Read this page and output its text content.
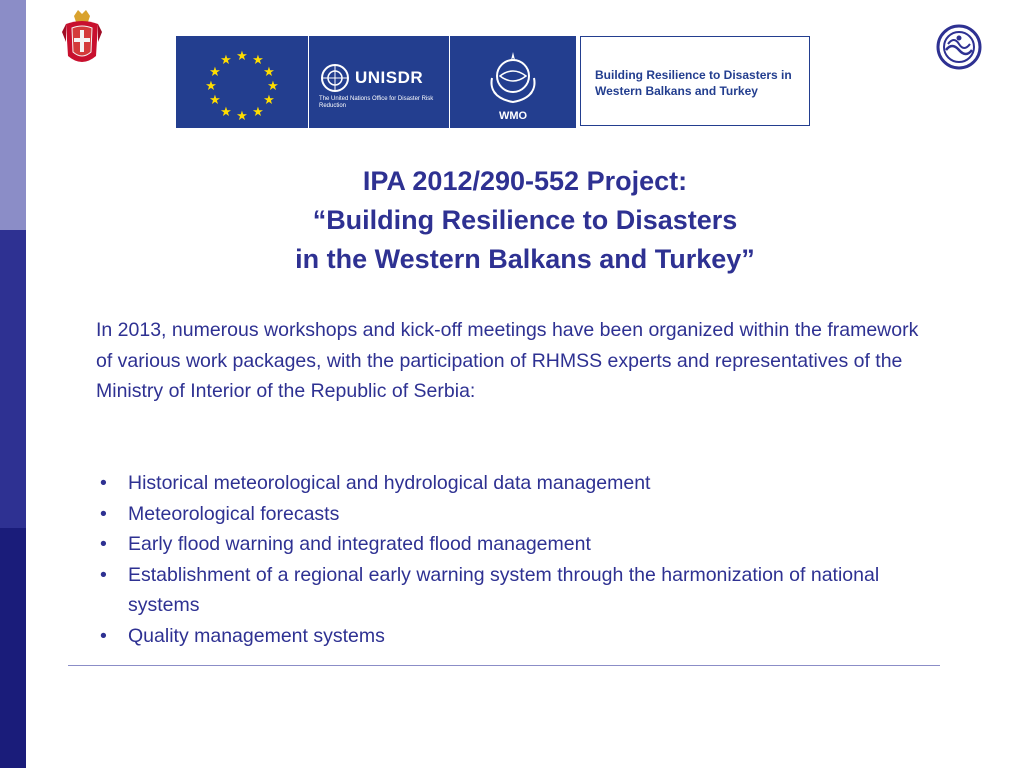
★ ★
★
★
★
★
★
★
★
★
★
★
UNISDR
The United Nations Office for Disaster Risk Reduction
WMO
Building Resilience to Disasters in Western Balkans and Turkey
IPA 2012/290-552 Project:
“Building Resilience to Disasters
in the Western Balkans and Turkey”
In 2013, numerous workshops and kick-off meetings have been organized within the framework of various work packages, with the participation of RHMSS experts and representatives of the Ministry of Interior of the Republic of Serbia:
• Historical meteorological and hydrological data management
• Meteorological forecasts
• Early flood warning and integrated flood management
• Establishment of a regional early warning system through the harmonization of national systems
• Quality management systems
